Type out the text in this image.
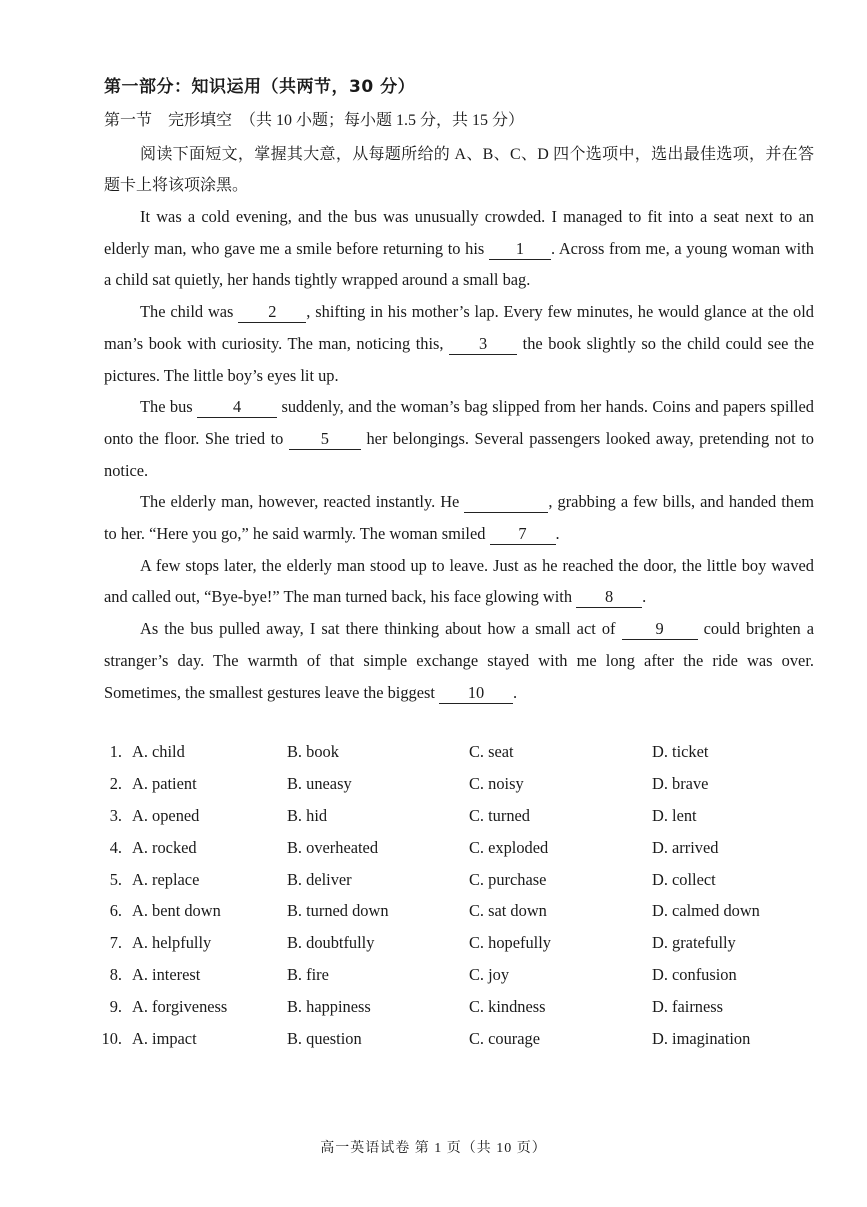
第一部分：知识运用（共两节，30 分）
第一节　完形填空　（共 10 小题；每小题 1.5 分，共 15 分）
阅读下面短文，掌握其大意，从每题所给的 A、B、C、D 四个选项中，选出最佳选项，并在答题卡上将该项涂黑。

It was a cold evening, and the bus was unusually crowded. I managed to fit into a seat next to an elderly man, who gave me a smile before returning to his 1 . Across from me, a young woman with a child sat quietly, her hands tightly wrapped around a small bag.

The child was 2 , shifting in his mother’s lap. Every few minutes, he would glance at the old man’s book with curiosity. The man, noticing this, 3 the book slightly so the child could see the pictures. The little boy’s eyes lit up.

The bus 4 suddenly, and the woman’s bag slipped from her hands. Coins and papers spilled onto the floor. She tried to 5 her belongings. Several passengers looked away, pretending not to notice.

The elderly man, however, reacted instantly. He	, grabbing a few bills, and handed them to her. “Here you go,” he said warmly. The woman smiled 7 .

A few stops later, the elderly man stood up to leave. Just as he reached the door, the little boy waved and called out, “Bye-bye!” The man turned back, his face glowing with 8 .

As the bus pulled away, I sat there thinking about how a small act of 9 could brighten a stranger’s day. The warmth of that simple exchange stayed with me long after the ride was over. Sometimes, the smallest gestures leave the biggest 10 .

1. A. child	B. book	C. seat	D. ticket
2. A. patient	B. uneasy	C. noisy	D. brave
3. A. opened	B. hid	C. turned	D. lent
4. A. rocked	B. overheated	C. exploded	D. arrived
5. A. replace	B. deliver	C. purchase	D. collect
6. A. bent down	B. turned down	C. sat down	D. calmed down
7. A. helpfully	B. doubtfully	C. hopefully	D. gratefully
8. A. interest	B. fire	C. joy	D. confusion
9. A. forgiveness	B. happiness	C. kindness	D. fairness
10. A. impact	B. question	C. courage	D. imagination
高一英语试卷 第 1 页（共 10 页）
